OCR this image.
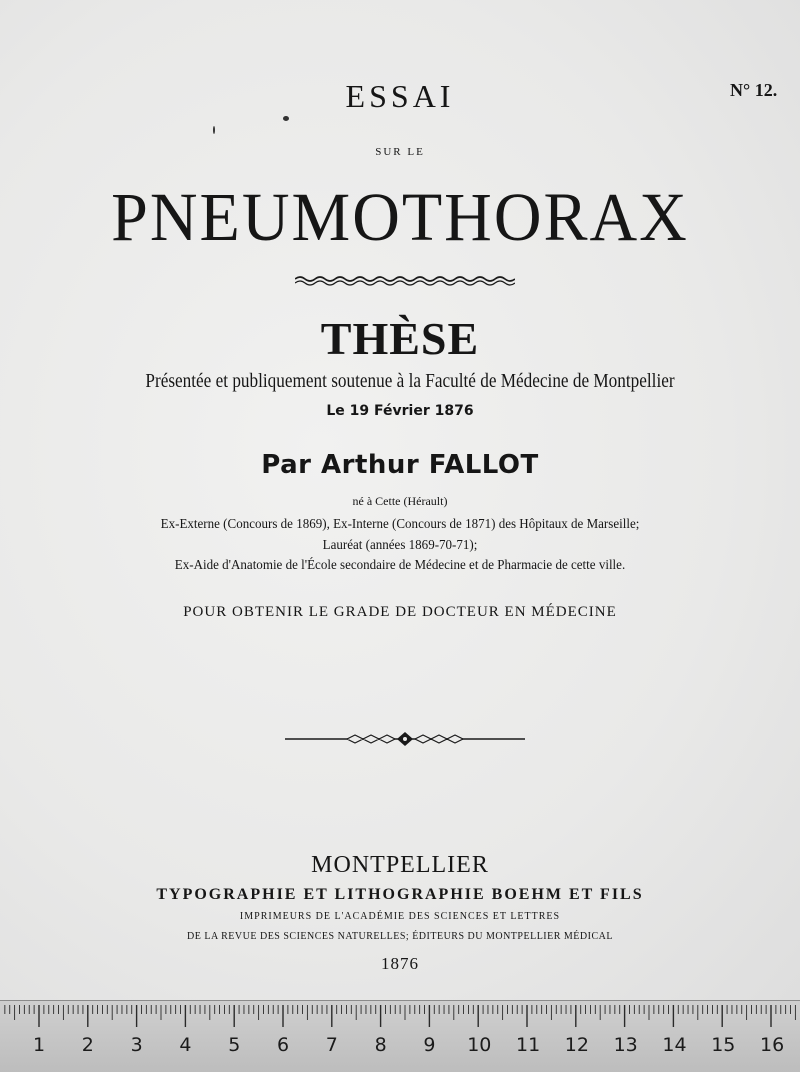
ESSAI	N° 12.
SUR LE
PNEUMOTHORAX
THÈSE
Présentée et publiquement soutenue à la Faculté de Médecine de Montpellier
Le 19 Février 1876
Par Arthur FALLOT
né à Cette (Hérault)
Ex-Externe (Concours de 1869), Ex-Interne (Concours de 1871) des Hôpitaux de Marseille;
Lauréat (années 1869-70-71);
Ex-Aide d'Anatomie de l'École secondaire de Médecine et de Pharmacie de cette ville.
POUR OBTENIR LE GRADE DE DOCTEUR EN MÉDECINE
MONTPELLIER
TYPOGRAPHIE ET LITHOGRAPHIE BOEHM ET FILS
IMPRIMEURS DE L'ACADÉMIE DES SCIENCES ET LETTRES
DE LA REVUE DES SCIENCES NATURELLES; ÉDITEURS DU MONTPELLIER MÉDICAL
1876
1 2 3 4 5 6 7 8 9 10 11 12 13 14 15 16
